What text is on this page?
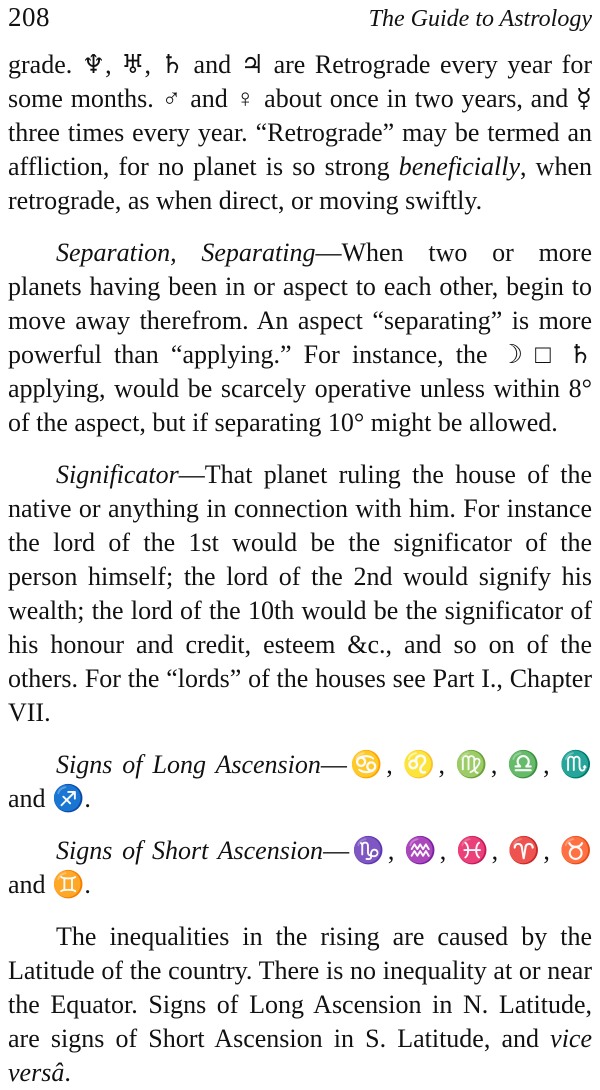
208	The Guide to Astrology

grade. ♆, ♅, ♄ and ♃ are Retrograde every year for some months. ♂ and ♀ about once in two years, and ☿ three times every year. “Retrograde” may be termed an affliction, for no planet is so strong beneficially, when retrograde, as when direct, or moving swiftly.

Separation, Separating—When two or more planets having been in or aspect to each other, begin to move away therefrom. An aspect “separating” is more powerful than “applying.” For instance, the ☽ □ ♄ applying, would be scarcely operative unless within 8° of the aspect, but if separating 10° might be allowed.

Significator—That planet ruling the house of the native or anything in connection with him. For instance the lord of the 1st would be the significator of the person himself; the lord of the 2nd would signify his wealth; the lord of the 10th would be the significator of his honour and credit, esteem &c., and so on of the others. For the “lords” of the houses see Part I., Chapter VII.

Signs of Long Ascension—♋, ♌, ♍, ♎, ♏ and ♐.

Signs of Short Ascension—♑, ♒, ♓, ♈, ♉ and ♊.

The inequalities in the rising are caused by the Latitude of the country. There is no inequality at or near the Equator. Signs of Long Ascension in N. Latitude, are signs of Short Ascension in S. Latitude, and vice versâ.
